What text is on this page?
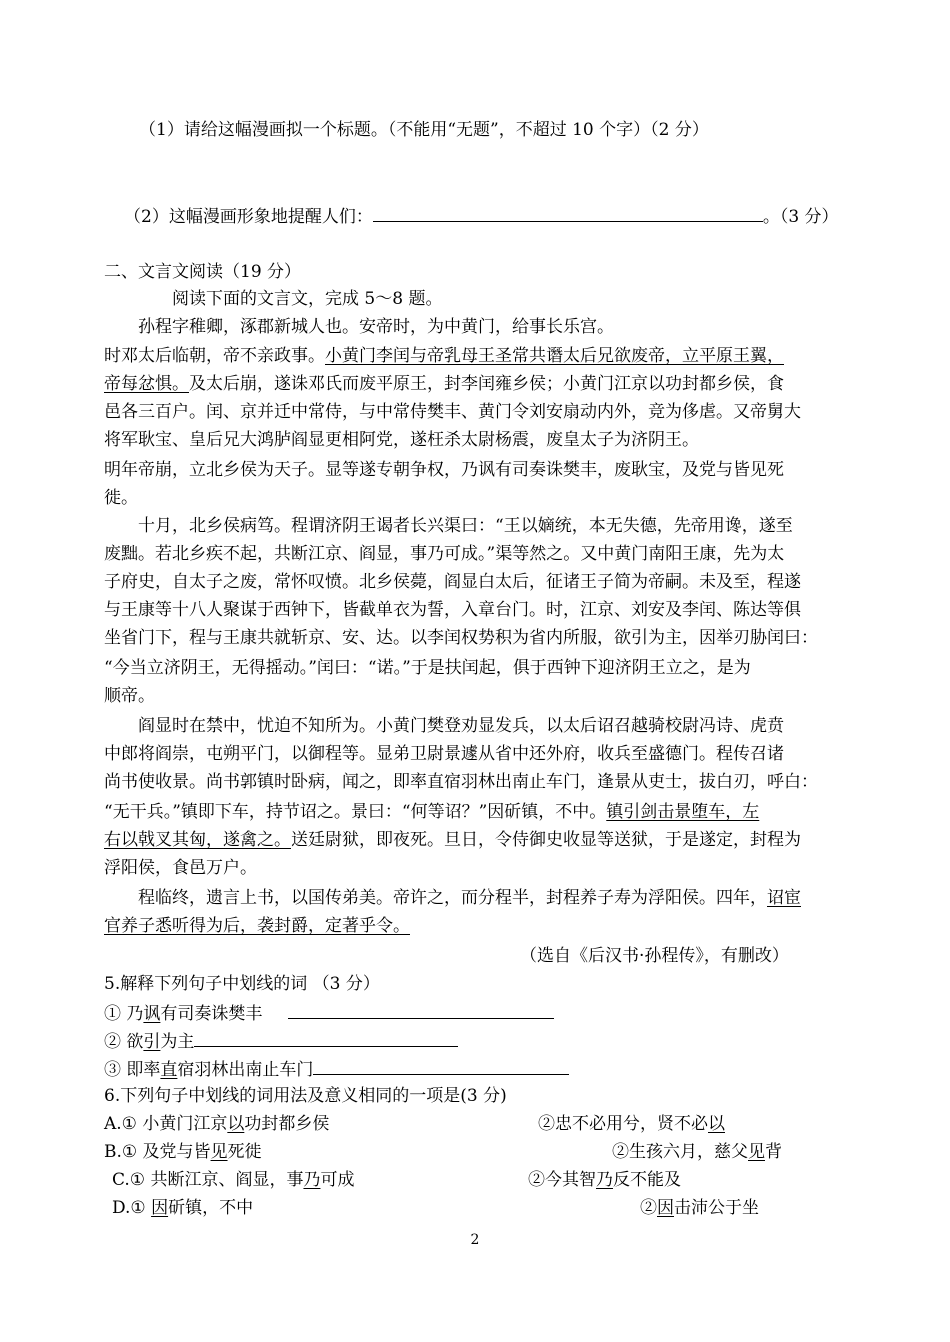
（1）请给这幅漫画拟一个标题。（不能用“无题”，不超过 10 个字）（2 分）
（2）这幅漫画形象地提醒人们：	。（3 分）
二、文言文阅读（19 分）
阅读下面的文言文，完成 5～8 题。
孙程字稚卿，涿郡新城人也。安帝时，为中黄门，给事长乐宫。
时邓太后临朝，帝不亲政事。小黄门李闰与帝乳母王圣常共谮太后兄欲废帝，立平原王翼，
帝每忿惧。及太后崩，遂诛邓氏而废平原王，封李闰雍乡侯；小黄门江京以功封都乡侯，食
邑各三百户。闰、京并迁中常侍，与中常侍樊丰、黄门令刘安扇动内外，竞为侈虐。又帝舅大
将军耿宝、皇后兄大鸿胪阎显更相阿党，遂枉杀太尉杨震，废皇太子为济阴王。
明年帝崩，立北乡侯为天子。显等遂专朝争权，乃讽有司奏诛樊丰，废耿宝，及党与皆见死
徙。
十月，北乡侯病笃。程谓济阴王谒者长兴渠曰：“王以嫡统，本无失德，先帝用谗，遂至
废黜。若北乡疾不起，共断江京、阎显，事乃可成。”渠等然之。又中黄门南阳王康，先为太
子府史，自太子之废，常怀叹愤。北乡侯薨，阎显白太后，征诸王子简为帝嗣。未及至，程遂
与王康等十八人聚谋于西钟下，皆截单衣为誓，入章台门。时，江京、刘安及李闰、陈达等俱
坐省门下，程与王康共就斩京、安、达。以李闰权势积为省内所服，欲引为主，因举刃胁闰曰：
“今当立济阴王，无得摇动。”闰曰：“诺。”于是扶闰起，俱于西钟下迎济阴王立之，是为
顺帝。
阎显时在禁中，忧迫不知所为。小黄门樊登劝显发兵，以太后诏召越骑校尉冯诗、虎贲
中郎将阎崇，屯朔平门，以御程等。显弟卫尉景遽从省中还外府，收兵至盛德门。程传召诸
尚书使收景。尚书郭镇时卧病，闻之，即率直宿羽林出南止车门，逢景从吏士，拔白刃，呼白：
“无干兵。”镇即下车，持节诏之。景曰：“何等诏？”因斫镇，不中。镇引剑击景堕车，左
右以戟叉其匈，遂禽之。送廷尉狱，即夜死。旦日，令侍御史收显等送狱，于是遂定，封程为
浮阳侯，食邑万户。
程临终，遗言上书，以国传弟美。帝许之，而分程半，封程养子寿为浮阳侯。四年，诏宦
官养子悉听得为后，袭封爵，定著乎令。
（选自《后汉书·孙程传》，有删改）
5.解释下列句子中划线的词 （3 分）
① 乃讽有司奏诛樊丰
② 欲引为主
③ 即率直宿羽林出南止车门
6.下列句子中划线的词用法及意义相同的一项是(3 分)
A.① 小黄门江京以功封都乡侯	②忠不必用兮，贤不必以
B.① 及党与皆见死徙	②生孩六月，慈父见背
C.① 共断江京、阎显，事乃可成	②今其智乃反不能及
D.① 因斫镇，不中	②因击沛公于坐
2
